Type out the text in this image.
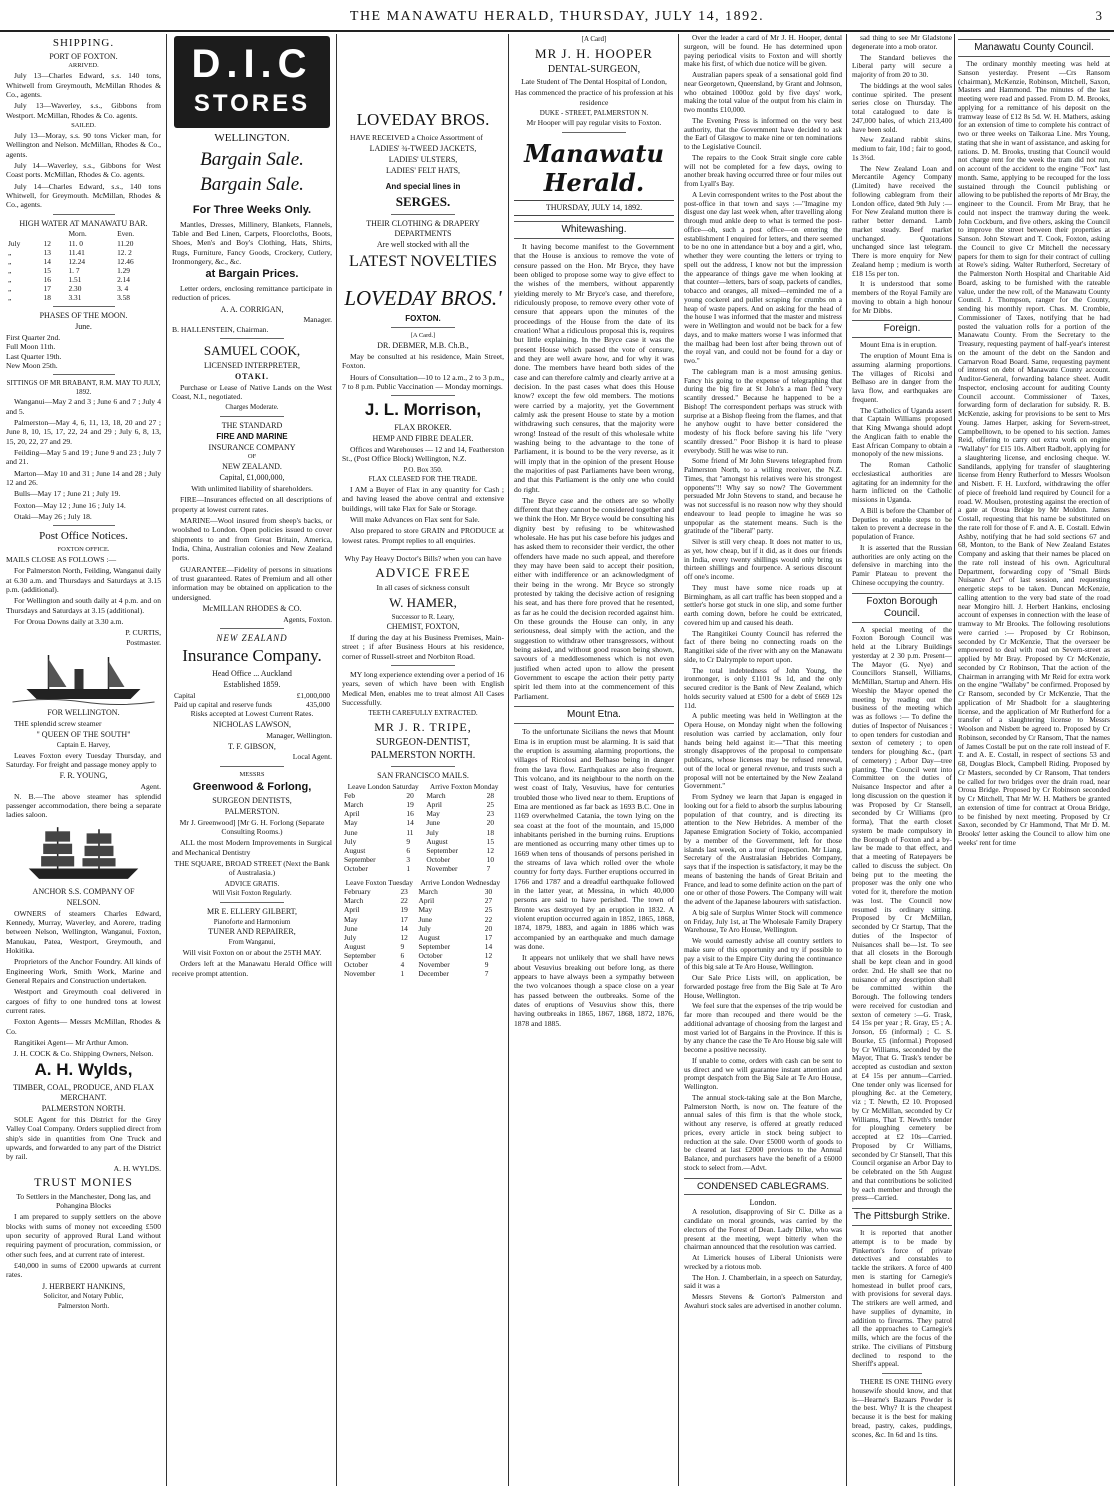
THE MANAWATU HERALD, THURSDAY, JULY 14, 1892.	3
SHIPPING.
PORT OF FOXTON.
ARRIVED.

July 13—Charles Edward, s.s. 140 tons, Whitwell from Greymouth, McMillan Rhodes & Co., agents.

July 13—Waverley, s.s., Gibbons from Westport. McMillan, Rhodes & Co. agents.

SAILED.

July 13—Moray, s.s. 90 tons Vicker man, for Wellington and Nelson. McMillan, Rhodes & Co., agents.

July 14—Waverley, s.s., Gibbons for West Coast ports. McMillan, Rhodes & Co. agents.

July 14—Charles Edward, s.s., 140 tons Whitwell, for Greymouth. McMillan, Rhodes & Co., agents.

HIGH WATER AT MANAWATU BAR.
		Morn.	Even.
July	12	11. 0	11.20
„	13	11.41	12. 2
„	14	12.24	12.46
„	15	1. 7	1.29
„	16	1.51	2.14
„	17	2.30	3. 4
„	18	3.31	3.58
PHASES OF THE MOON.
June.
First Quarter 2nd.
Full Moon 11th.
Last Quarter 19th.
New Moon 25th.
SITTINGS OF MR BRABANT, R.M. MAY TO JULY, 1892.

Wanganui—May 2 and 3 ; June 6 and 7 ; July 4 and 5.

Palmerston—May 4, 6, 11, 13, 18, 20 and 27 ; June 8, 10, 15, 17, 22, 24 and 29 ; July 6, 8, 13, 15, 20, 22, 27 and 29.

Feilding—May 5 and 19 ; June 9 and 23 ; July 7 and 21.

Marton—May 10 and 31 ; June 14 and 28 ; July 12 and 26.

Bulls—May 17 ; June 21 ; July 19.

Foxton—May 12 ; June 16 ; July 14.

Otaki—May 26 ; July 18.

Post Office Notices.
FOXTON OFFICE.

MAILS CLOSE AS FOLLOWS :—

For Palmerston North, Feilding, Wanganui daily at 6.30 a.m. and Thursdays and Saturdays at 3.15 p.m. (additional).

For Wellington and south daily at 4 p.m. and on Thursdays and Saturdays at 3.15 (additional).

For Oroua Downs daily at 3.30 a.m.

P. CURTIS,
Postmaster.
FOR WELLINGTON.

THE splendid screw steamer

" QUEEN OF THE SOUTH"
Captain E. Harvey,

Leaves Foxton every Tuesday Thursday, and Saturday. For freight and passage money apply to

F. R. YOUNG,
Agent.

N. B.—The above steamer has splendid passenger accommodation, there being a separate ladies saloon.

ANCHOR S.S. COMPANY OF
NELSON.

OWNERS of steamers Charles Edward, Kennedy, Murray, Waverley, and Aorere, trading between Nelson, Wellington, Wanganui, Foxton, Manukau, Patea, Westport, Greymouth, and Hokitika.

Proprietors of the Anchor Foundry. All kinds of Engineering Work, Smith Work, Marine and General Repairs and Construction undertaken.

Westport and Greymouth coal delivered in cargoes of fifty to one hundred tons at lowest current rates.

Foxton Agents— Messrs McMillan, Rhodes & Co.

Rangitikei Agent— Mr Arthur Amon.

J. H. COCK & Co. Shipping Owners, Nelson.

A. H. Wylds,
TIMBER, COAL, PRODUCE, AND FLAX MERCHANT.
PALMERSTON NORTH.

SOLE Agent for this District for the Grey Valley Coal Company. Orders supplied direct from ship's side in quantities from One Truck and upwards, and forwarded to any part of the District by rail.

A. H. WYLDS.
TRUST MONIES

To Settlers in the Manchester, Dong las, and Pohangina Blocks

I am prepared to supply settlers on the above blocks with sums of money not exceeding £500 upon security of approved Rural Land without requiring payment of procuration, commission, or other such fees, and at current rate of interest.

£40,000 in sums of £2000 upwards at current rates.

J. HERBERT HANKINS,
Solicitor, and Notary Public,
Palmerston North.
D.I.C
STORES
WELLINGTON.
Bargain Sale.
Bargain Sale.
For Three Weeks Only.

Mantles, Dresses, Millinery, Blankets, Flannels, Table and Bed Linen, Carpets, Floorcloths, Boots, Shoes, Men's and Boy's Clothing, Hats, Shirts, Rugs, Furniture, Fancy Goods, Crockery, Cutlery, Ironmongery, &c., &c.

at Bargain Prices.

Letter orders, enclosing remittance participate in reduction of prices.

A. A. CORRIGAN,
Manager.
B. HALLENSTEIN, Chairman.
SAMUEL COOK,
LICENSED INTERPRETER,
OTAKI.

Purchase or Lease of Native Lands on the West Coast, N.I., negotiated.

Charges Moderate.
THE STANDARD
FIRE AND MARINE
INSURANCE COMPANY
OF
NEW ZEALAND.
Capital, £1,000,000,

With unlimited liability of shareholders.

FIRE—Insurances effected on all descriptions of property at lowest current rates.

MARINE—Wool insured from sheep's backs, or woolshed to London. Open policies issued to cover shipments to and from Great Britain, America, India, China, Australian colonies and New Zealand ports.

GUARANTEE—Fidelity of persons in situations of trust guaranteed. Rates of Premium and all other information may be obtained on application to the undersigned.

McMILLAN RHODES & CO.
Agents, Foxton.
NEW ZEALAND
Insurance Company.
Head Office ... Auckland
Established 1859.
Capital	£1,000,000
Paid up capital and reserve funds	435,000

Risks accepted at Lowest Current Rates.

NICHOLAS LAWSON,
Manager, Wellington.
T. F. GIBSON,
Local Agent.
MESSRS
Greenwood & Forlong,
SURGEON DENTISTS,
PALMERSTON.

Mr J. Greenwood] [Mr G. H. Forlong (Separate Consulting Rooms.)

ALL the most Modern Improvements in Surgical and Mechanical Dentistry

THE SQUARE, BROAD STREET (Next the Bank of Australasia.)

ADVICE GRATIS.
Will Visit Foxton Regularly.
MR E. ELLERY GILBERT,
Pianoforte and Harmonium
TUNER AND REPAIRER,
From Wanganui,

Will visit Foxton on or about the 25TH MAY.

Orders left at the Manawatu Herald Office will receive prompt attention.

LOVEDAY BROS.

HAVE RECEIVED a Choice Assortment of

LADIES' ¾-TWEED JACKETS,
LADIES' ULSTERS,
LADIES' FELT HATS,
And special lines in
SERGES.
THEIR CLOTHING & DRAPERY
DEPARTMENTS
Are well stocked with all the
LATEST NOVELTIES
LOVEDAY BROS.'
FOXTON.
[A Card.]
DR. DEBMER, M.B. Ch.B.,

May be consulted at his residence, Main Street, Foxton.

Hours of Consultation—10 to 12 a.m., 2 to 3 p.m., 7 to 8 p.m. Public Vaccination — Monday mornings.

J. L. Morrison,
FLAX BROKER.
HEMP AND FIBRE DEALER.

Offices and Warehouses — 12 and 14, Featherston St., (Post Office Block) Wellington, N.Z.

P.O. Box 350.
FLAX CLEASED FOR THE TRADE.

I AM a Buyer of Flax in any quantity for Cash ; and having leased the above central and extensive buildings, will take Flax for Sale or Storage.

Will make Advances on Flax sent for Sale.

Also prepared to store GRAIN and PRODUCE at lowest rates. Prompt replies to all enquiries.

Why Pay Heavy Doctor's Bills? when you can have

ADVICE FREE

In all cases of sickness consult

W. HAMER,
Successor to R. Leary,
CHEMIST, FOXTON,

If during the day at his Business Premises, Main-street ; if after Business Hours at his residence, corner of Russell-street and Norbiton Road.

MY long experience extending over a period of 16 years, seven of which have been with English Medical Men, enables me to treat almost All Cases Successfully.

TEETH CAREFULLY EXTRACTED.
MR J. R. TRIPE,
SURGEON-DENTIST,
PALMERSTON NORTH.
SAN FRANCISCO MAILS.
Leave London Saturday		Arrive Foxton Monday	
Feb	20	March	28
March	19	April	25
April	16	May	23
May	14	June	20
June	11	July	18
July	9	August	15
August	6	September	12
September	3	October	10
October	1	November	7
Leave Foxton Tuesday		Arrive London Wednesday	
February	23	March	30
March	22	April	27
April	19	May	25
May	17	June	22
June	14	July	20
July	12	August	17
August	9	September	14
September	6	October	12
October	4	November	9
November	1	December	7
[A Card]
MR J. H. HOOPER
DENTAL-SURGEON,

Late Student of The Dental Hospital of London,

Has commenced the practice of his profession at his residence

DUKE - STREET, PALMERSTON N.

Mr Hooper will pay regular visits to Foxton.

Manawatu Herald.
THURSDAY, JULY 14, 1892.
Whitewashing.

It having become manifest to the Government that the House is anxious to remove the vote of censure passed on the Hon. Mr Bryce, they have been obliged to propose some way to give effect to the wishes of the members, without apparently yielding merely to Mr Bryce's case, and therefore, ridiculously propose, to remove every other vote of censure that appears upon the minutes of the proceedings of the House from the date of its creation! What a ridiculous proposal this is, requires but little explaining. In the Bryce case it was the present House which passed the vote of censure, and they are well aware how, and for why it was done. The members have heard both sides of the case and can therefore calmly and clearly arrive at a decision. In the past cases what does this House know? except the few old members. The motions were carried by a majority, yet the Government calmly ask the present House to state by a motion withdrawing such censures, that the majority were wrong! Instead of the result of this wholesale white washing being to the advantage to the tone of Parliament, it is bound to be the very reverse, as it will imply that in the opinion of the present House the majorities of past Parliaments have been wrong, and that this Parliament is the only one who could do right.

The Bryce case and the others are so wholly different that they cannot be considered together and we think the Hon. Mr Bryce would be consulting his dignity best by refusing to be whitewashed wholesale. He has put his case before his judges and has asked them to reconsider their verdict, the other offenders have made no such appeal, and therefore they may have been said to accept their position, either with indifference or an acknowledgment of their being in the wrong. Mr Bryce so strongly protested by taking the decisive action of resigning his seat, and has there fore proved that he resented, as far as he could the decision recorded against him. On these grounds the House can only, in any seriousness, deal simply with the action, and the suggestion to withdraw other transgressors, without being asked, and without good reason being shown, savours of a meddlesomeness which is not even justified when acted upon to allow the present Government to escape the action their petty party spirit led them into at the commencement of this Parliament.

Mount Etna.

To the unfortunate Sicilians the news that Mount Etna is in eruption must be alarming. It is said that the eruption is assuming alarming proportions, the villages of Ricolosi and Belhaso being in danger from the lava flow. Earthquakes are also frequent. This volcano, and its neighbour to the north on the west coast of Italy, Vesuvius, have for centuries troubled those who lived near to them. Eruptions of Etna are mentioned as far back as 1693 B.C. One in 1169 overwhelmed Catania, the town lying on the sea coast at the foot of the mountain, and 15,000 inhabitants perished in the burning ruins. Eruptions are mentioned as occurring many other times up to 1669 when tens of thousands of persons perished in the streams of lava which rolled over the whole country for forty days. Further eruptions occurred in 1766 and 1787 and a dreadful earthquake followed in the latter year, at Messina, in which 40,000 persons are said to have perished. The town of Bronte was destroyed by an eruption in 1832. A violent eruption occurred again in 1852, 1865, 1868, 1874, 1879, 1883, and again in 1886 which was accompanied by an earthquake and much damage was done.

It appears not unlikely that we shall have news about Vesuvius breaking out before long, as there appears to have always been a sympathy between the two volcanoes though a space close on a year has passed between the outbreaks. Some of the dates of eruptions of Vesuvius show this, there having outbreaks in 1865, 1867, 1868, 1872, 1876, 1878 and 1885.

Over the leader a card of Mr J. H. Hooper, dental surgeon, will be found. He has determined upon paying periodical visits to Foxton and will shortly make his first, of which due notice will be given.

Australian papers speak of a sensational gold find near Georgetown, Queensland, by Grant and Johnson, who obtained 1000oz gold by five days' work, making the total value of the output from his claim in two months £10,000.

The Evening Press is informed on the very best authority, that the Government have decided to ask the Earl of Glasgow to make nine or ten nominations to the Legislative Council.

The repairs to the Cook Strait single core cable will not be completed for a few days, owing to another break having occurred three or four miles out from Lyall's Bay.

A Levin correspondent writes to the Post about the post-office in that town and says :—"Imagine my disgust one day last week when, after travelling along through mud ankle deep to what is termed the post-office—oh, such a post office—on entering the establishment I enquired for letters, and there seemed to be no one in attendance but a boy and a girl, who, whether they were counting the letters or trying to spell out the address, I know not but the impression the appearance of things gave me when looking at that counter—letters, bars of soap, packets of candles, tobacco and oranges, all mixed—reminded me of a young cockerel and pullet scraping for crumbs on a heap of waste papers. And on asking for the head of the house I was informed that the master and mistress were in Wellington and would not be back for a few days, and to make matters worse I was informed that the mailbag had been lost after being thrown out of the royal van, and could not be found for a day or two."

The cablegram man is a most amusing genius. Fancy his going to the expense of telegraphing that during the big fire at St John's a man fled "very scantily dressed." Because he happened to be a Bishop! The correspondent perhaps was struck with surprise at a Bishop fleeing from the flames, and that he anyhow ought to have better considered the modesty of his flock before saving his life "very scantily dressed." Poor Bishop it is hard to please everybody. Still he was wise to run.

Some friend of Mr John Stevens telegraphed from Palmerston North, to a willing receiver, the N.Z. Times, that "amongst his relatives were his strongest opponents"!! Why say so now? The Government persuaded Mr John Stevens to stand, and because he was not successful is no reason now why they should endeavour to lead people to imagine he was so unpopular as the statement means. Such is the gratitude of the "liberal" party.

Silver is still very cheap. It does not matter to us, as yet, how cheap, but if it did, as it does our friends in India, every twenty shillings would only bring us thirteen shillings and fourpence. A serious discount off one's income.

They must have some nice roads up at Birmingham, as all cart traffic has been stopped and a settler's horse got stuck in one slip, and some further earth coming down, before he could be extricated, covered him up and caused his death.

The Rangitikei County Council has referred the fact of there being no connecting roads on the Rangitikei side of the river with any on the Manawatu side, to Cr Dalrymple to report upon.

The total indebtedness of John Young, the ironmonger, is only £1101 9s 1d, and the only secured creditor is the Bank of New Zealand, which holds security valued at £500 for a debt of £669 12s 11d.

A public meeting was held in Wellington at the Opera House, on Monday night when the following resolution was carried by acclamation, only four hands being held against it:—"That this meeting strongly disapproves of the proposal to compensate publicans, whose licenses may be refused renewal, out of the local or general revenue, and trusts such a proposal will not be entertained by the New Zealand Government."

From Sydney we learn that Japan is engaged in looking out for a field to absorb the surplus labouring population of that country, and is directing its attention to the New Hebrides. A member of the Japanese Emigration Society of Tokio, accompanied by a member of the Government, left for those islands last week, on a tour of inspection. Mr Liang, Secretary of the Australasian Hebrides Company, says that if the inspection is satisfactory, it may be the means of bastening the hands of Great Britain and France, and lead to some definite action on the part of one or other of those Powers. The Company will wait the advent of the Japanese labourers with satisfaction.

A big sale of Surplus Winter Stock will commence on Friday, July 1st, at The Wholesale Family Drapery Warehouse, Te Aro House, Wellington.

We would earnestly advise all country settlers to make sure of this opportunity and try if possible to pay a visit to the Empire City during the continuance of this big sale at Te Aro House, Wellington.

Our Sale Price Lists will, on application, be forwarded postage free from the Big Sale at Te Aro House, Wellington.

We feel sure that the expenses of the trip would be far more than recouped and there would be the additional advantage of choosing from the largest and most varied lot of Bargains in the Province. If this is by any chance the case the Te Aro House big sale will become a positive necessity.

If unable to come, orders with cash can be sent to us direct and we will guarantee instant attention and prompt despatch from the Big Sale at Te Aro House, Wellington.

The annual stock-taking sale at the Bon Marche, Palmerston North, is now on. The feature of the annual sales of this firm is that the whole stock, without any reserve, is offered at greatly reduced prices, every article in stock being subject to reduction at the sale. Over £5000 worth of goods to be cleared at last £2000 previous to the Annual Balance, and purchasers have the benefit of a £6000 stock to select from.—Advt.

CONDENSED CABLEGRAMS.
London.

A resolution, disapproving of Sir C. Dilke as a candidate on moral grounds, was carried by the electors of the Forest of Dean. Lady Dilke, who was present at the meeting, wept bitterly when the chairman announced that the resolution was carried.

At Limerick houses of Liberal Unionists were wrecked by a riotous mob.

The Hon. J. Chamberlain, in a speech on Saturday, said it was a

Messrs Stevens & Gorton's Palmerston and Awahuri stock sales are advertised in another column.

sad thing to see Mr Gladstone degenerate into a mob orator.

The Standard believes the Liberal party will secure a majority of from 20 to 30.

The biddings at the wool sales continue spirited. The present series close on Thursday. The total catalogued to date is 247,000 bales, of which 213,400 have been sold.

New Zealand rabbit skins, medium to fair, 10d ; fair to good, 1s 3½d.

The New Zealand Loan and Mercantile Agency Company (Limited) have received the following cablegram from their London office, dated 9th July :—For New Zealand mutton there is rather better demand. Lamb market steady. Beef market unchanged. Quotations unchanged since last telegram. There is more enquiry for New Zealand hemp ; medium is worth £18 15s per ton.

It is understood that some members of the Royal Family are moving to obtain a high honour for Mr Dibbs.

Foreign.

Mount Etna is in eruption.

The eruption of Mount Etna is assuming alarming proportions. The villages of Ricolsi and Belhaso are in danger from the lava flow, and earthquakes are frequent.

The Catholics of Uganda assert that Captain Williams proposed that King Mwanga should adopt the Anglican faith to enable the East African Company to obtain a monopoly of the new missions.

The Roman Catholic ecclesiastical authorities are agitating for an indemnity for the harm inflicted on the Catholic missions in Uganda.

A Bill is before the Chamber of Deputies to enable steps to be taken to prevent a decrease in the population of France.

It is asserted that the Russian authorities are only acting on the defensive in marching into the Pamir Plateau to prevent the Chinese occupying the country.

Foxton Borough Council.

A special meeting of the Foxton Borough Council was held at the Library Buildings yesterday at 2 30 p.m. Present—The Mayor (G. Nye) and Councillors Stansell, Williams, McMillan, Startup and Ahern. His Worship the Mayor opened the meeting by reading out the business of the meeting which was as follows :— To define the duties of Inspector of Nuisances ; to open tenders for custodian and sexton of cemetery ; to open tenders for ploughing &c., (part of cemetery) ; Arbor Day—tree planting. The Council went into Committee on the duties of Nuisance Inspector and after a long discussion on the question it was Proposed by Cr Stansell, seconded by Cr Williams (pro forma), That the earth closet system be made compulsory in the Borough of Foxton and a by-law be made to that effect, and that a meeting of Ratepayers be called to discuss the subject. On being put to the meeting the proposer was the only one who voted for it, therefore the motion was lost. The Council now resumed its ordinary sitting. Proposed by Cr McMillan, seconded by Cr Startup, That the duties of the Inspector of Nuisances shall be—1st. To see that all closets in the Borough shall be kept clean and in good order. 2nd. He shall see that no nuisance of any description shall be committed within the Borough. The following tenders were received for custodian and sexton of cemetery :—G. Trask, £4 15s per year ; R. Gray, £5 ; A. Jonson, £6 (informal) ; C. S. Bourke, £5 (informal.) Proposed by Cr Williams, seconded by the Mayor, That G. Trask's tender be accepted as custodian and sexton at £4 15s per annum—Carried. One tender only was licensed for ploughing &c. at the Cemetery, viz ; T. Newth, £2 10. Proposed by Cr McMillan, seconded by Cr Williams, That T. Newth's tender for ploughing cemetery be accepted at £2 10s—Carried. Proposed by Cr Williams, seconded by Cr Stansell, That this Council organise an Arbor Day to be celebrated on the 5th August and that contributions be solicited by each member and through the press—Carried.

The Pittsburgh Strike.

It is reported that another attempt is to be made by Pinkerton's force of private detectives and constables to tackle the strikers. A force of 400 men is starting for Carnegie's homestead in bullet proof cars, with provisions for several days. The strikers are well armed, and have supplies of dynamite, in addition to firearms. They patrol all the approaches to Carnegie's mills, which are the focus of the strike. The civilians of Pittsburg declined to respond to the Sheriff's appeal.

THERE IS ONE THING every housewife should know, and that is—Hearne's Bazaars Powder is the best. Why? It is the cheapest because it is the best for making bread, pastry, cakes, puddings, scones, &c. In 6d and 1s tins.

Manawatu County Council.

The ordinary monthly meeting was held at Sanson yesterday. Present —Crs Ransom (chairman), McKenzie, Robinson, Mitchell, Saxon, Masters and Hammond. The minutes of the last meeting were read and passed. From D. M. Brooks, applying for a remittance of his deposit on the tramway lease of £12 8s 5d. W. H. Mathers, asking for an extension of time to complete his contract of two or three weeks on Taikoraa Line. Mrs Young, stating that she in want of assistance, and asking for rations. D. M. Brooks, trusting that Council would not charge rent for the week the tram did not run, on account of the accident to the engine "Fox" last month. Same, applying to be recouped for the loss sustained through the Council publishing or allowing to be published the reports of Mr Bray, the engineer to the Council. From Mr Bray, that he could not inspect the tramway during the week. John Cockburn, and five others, asking the Council to improve the street between their properties at Sanson. John Stewart and T. Cook, Foxton, asking the Council to give Cr Mitchell the necessary papers for them to sign for their contract of culling at Rowe's siding. Walter Rutherford, Secretary of the Palmerston North Hospital and Charitable Aid Board, asking to be furnished with the rateable value, under the new roll, of the Manawatu County Council. J. Thompson, ranger for the County, sending his monthly report. Chas. M. Crombie, Commissioner of Taxes, notifying that he had posted the valuation rolls for a portion of the Manawatu County. From the Secretary to the Treasury, requesting payment of half-year's interest on the amount of the debt on the Sandon and Carnarvon Road Board. Same, requesting payment of interest on debt of Manawatu County account. Auditor-General, forwarding balance sheet. Audit Inspector, enclosing account for auditing County Council account. Commissioner of Taxes, forwarding form of declaration for subsidy. R. B. McKenzie, asking for provisions to be sent to Mrs Young. James Harper, asking for Severn-street, Campbelltown, to be opened to his section. James Reid, offering to carry out extra work on engine "Wallaby" for £15 10s. Albert Radbolt, applying for a slaughtering license, and enclosing cheque. W. Sandilands, applying for transfer of slaughtering license from Henry Rutherford to Messrs Woolson and Nisbett. F. H. Luxford, withdrawing the offer of piece of freehold land required by Council for a road. W. Moulsen, protesting against the erection of a gate at Oroua Bridge by Mr Moldon. James Costall, requesting that his name be substituted on the rate roll for those of F. and A. E. Costall. Edwin Ashby, notifying that he had sold sections 67 and 68, Monton, to the Bank of New Zealand Estates Company and asking that their names be placed on the rate roll instead of his own. Agricultural Department, forwarding copy of "Small Birds Nuisance Act" of last session, and requesting energetic steps to be taken. Duncan McKenzie, calling attention to the very bad state of the road near Mongiro hill. J. Herbert Hankins, enclosing account of expenses in connection with the lease of tramway to Mr Brooks. The following resolutions were carried :— Proposed by Cr Robinson, seconded by Cr McKenzie, That the overseer be empowered to deal with road on Severn-street as applied by Mr Bray. Proposed by Cr McKenzie, seconded by Cr Robinson, That the action of the Chairman in arranging with Mr Reid for extra work on the engine "Wallaby" be confirmed. Proposed by Cr Ransom, seconded by Cr McKenzie, That the application of Mr Shadbolt for a slaughtering license, and the application of Mr Rutherford for a transfer of a slaughtering license to Messrs Woolson and Nisbett be agreed to. Proposed by Cr Robinson, seconded by Cr Ransom, That the names of James Costall be put on the rate roll instead of F. T. and A. E. Costall, in respect of sections 53 and 68, Douglas Block, Campbell Riding. Proposed by Cr Masters, seconded by Cr Ransom, That tenders be called for two bridges over the drain road, near Oroua Bridge. Proposed by Cr Robinson seconded by Cr Mitchell, That Mr W. H. Mathers be granted an extension of time for contract at Oroua Bridge, to be finished by next meeting. Proposed by Cr Saxon, seconded by Cr Hammond, That Mr D. M. Brooks' letter asking the Council to allow him one weeks' rent for time
